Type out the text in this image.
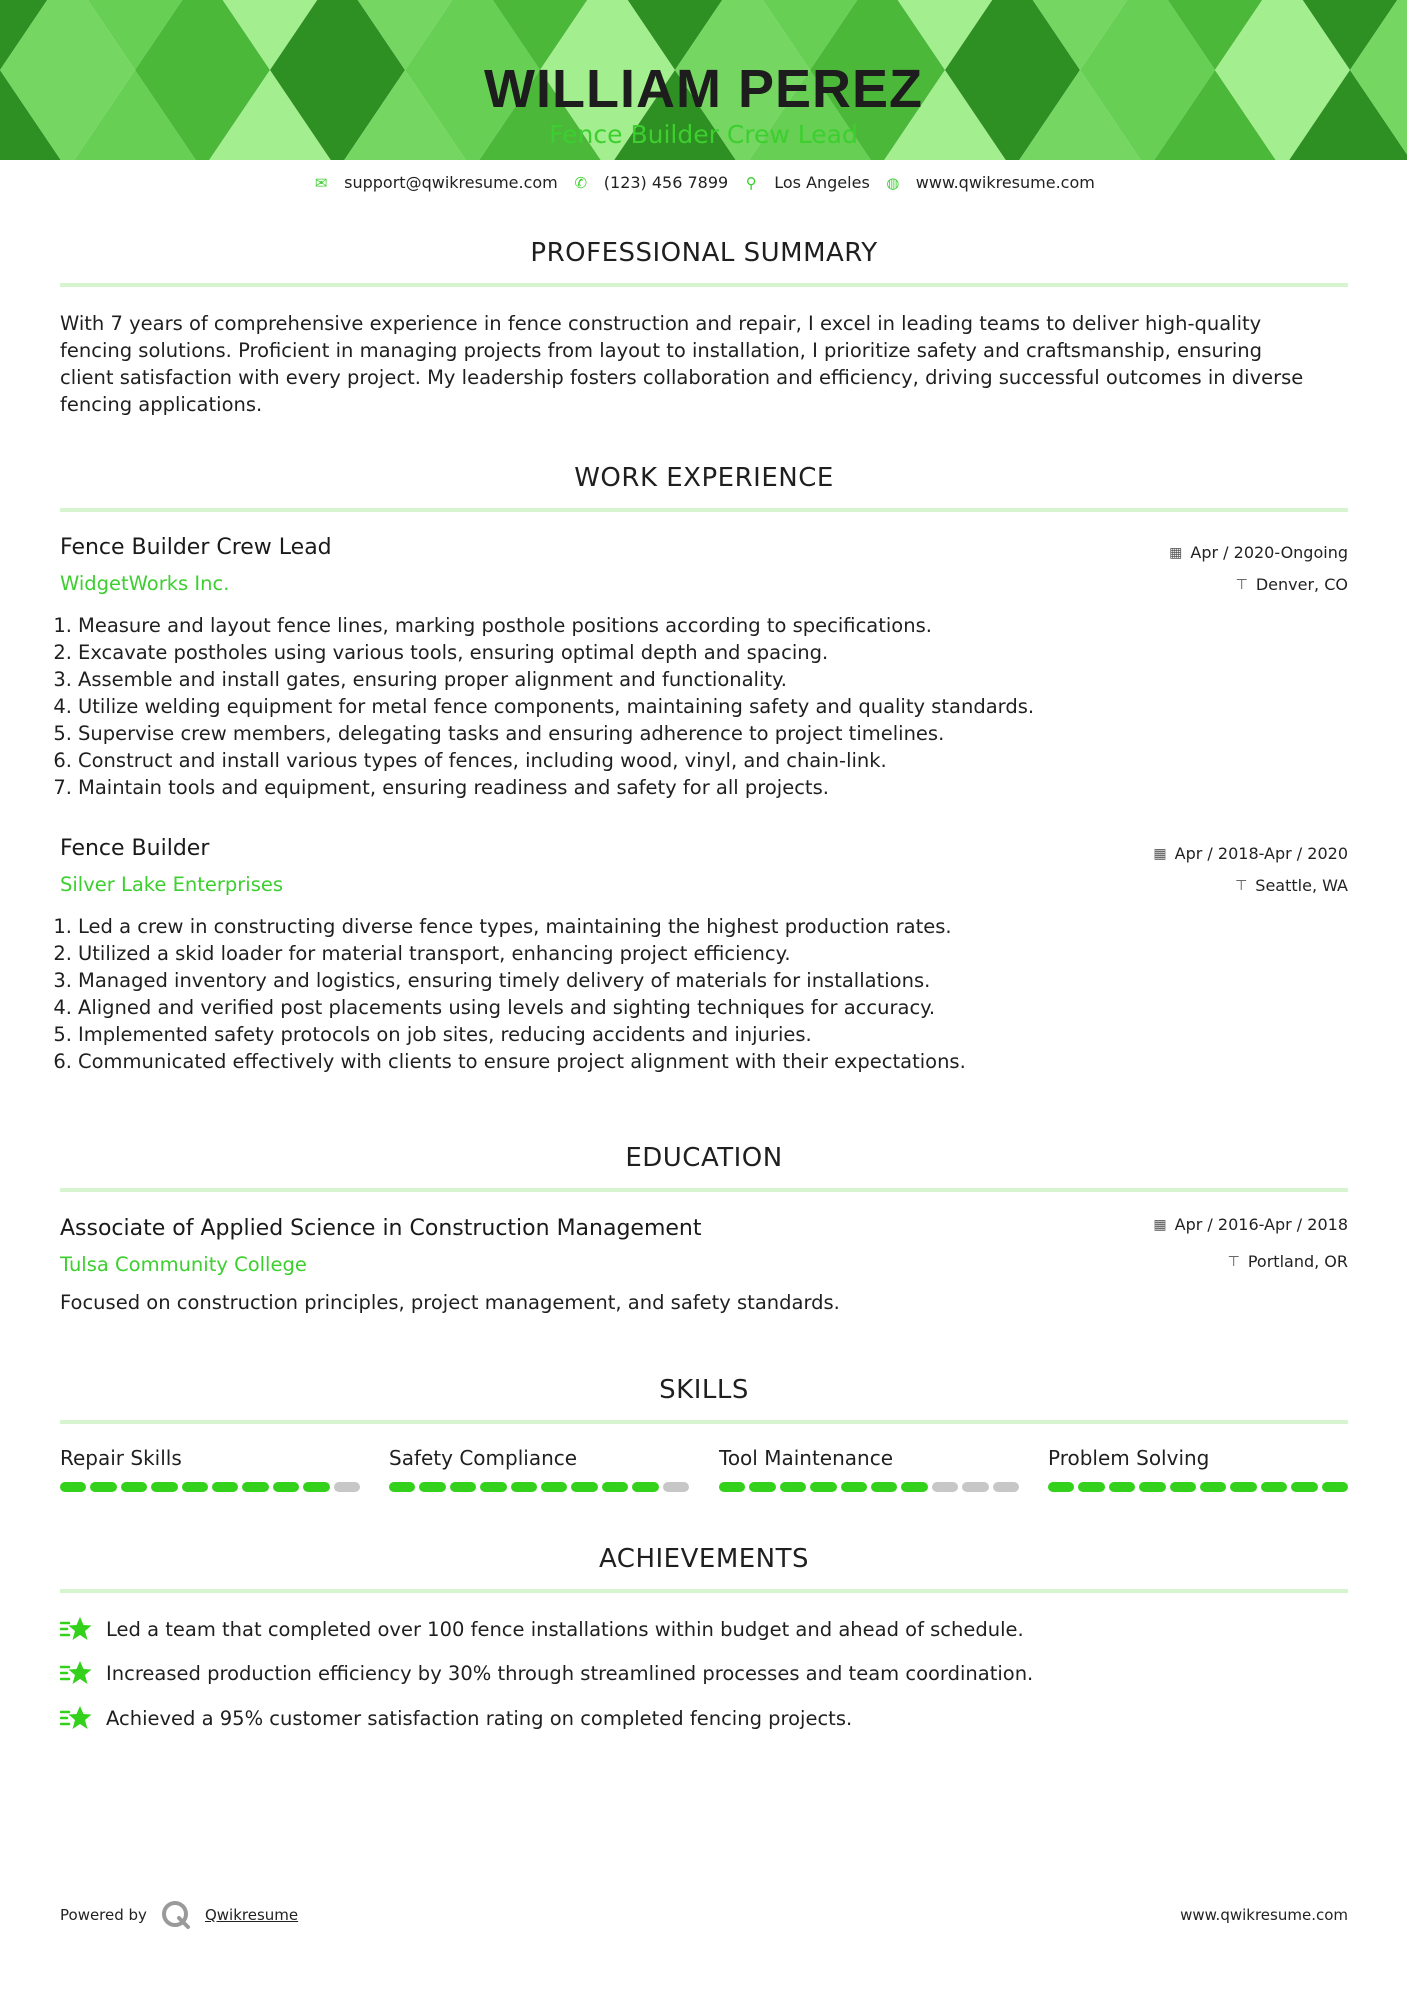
WILLIAM PEREZ
Fence Builder Crew Lead
✉ support@qwikresume.com ✆ (123) 456 7899 ⚲ Los Angeles ◍ www.qwikresume.com
PROFESSIONAL SUMMARY
With 7 years of comprehensive experience in fence construction and repair, I excel in leading teams to deliver high-quality
fencing solutions. Proficient in managing projects from layout to installation, I prioritize safety and craftsmanship, ensuring
client satisfaction with every project. My leadership fosters collaboration and efficiency, driving successful outcomes in diverse
fencing applications.
WORK EXPERIENCE
Fence Builder Crew Lead
WidgetWorks Inc.
▦ Apr / 2020-Ongoing
⊤ Denver, CO
1. Measure and layout fence lines, marking posthole positions according to specifications.
2. Excavate postholes using various tools, ensuring optimal depth and spacing.
3. Assemble and install gates, ensuring proper alignment and functionality.
4. Utilize welding equipment for metal fence components, maintaining safety and quality standards.
5. Supervise crew members, delegating tasks and ensuring adherence to project timelines.
6. Construct and install various types of fences, including wood, vinyl, and chain-link.
7. Maintain tools and equipment, ensuring readiness and safety for all projects.
Fence Builder
Silver Lake Enterprises
▦ Apr / 2018-Apr / 2020
⊤ Seattle, WA
1. Led a crew in constructing diverse fence types, maintaining the highest production rates.
2. Utilized a skid loader for material transport, enhancing project efficiency.
3. Managed inventory and logistics, ensuring timely delivery of materials for installations.
4. Aligned and verified post placements using levels and sighting techniques for accuracy.
5. Implemented safety protocols on job sites, reducing accidents and injuries.
6. Communicated effectively with clients to ensure project alignment with their expectations.
EDUCATION
Associate of Applied Science in Construction Management
Tulsa Community College
▦ Apr / 2016-Apr / 2018
⊤ Portland, OR
Focused on construction principles, project management, and safety standards.
SKILLS
Repair Skills	Safety Compliance	Tool Maintenance	Problem Solving
ACHIEVEMENTS
Led a team that completed over 100 fence installations within budget and ahead of schedule.
Increased production efficiency by 30% through streamlined processes and team coordination.
Achieved a 95% customer satisfaction rating on completed fencing projects.
Powered by	Qwikresume	www.qwikresume.com
